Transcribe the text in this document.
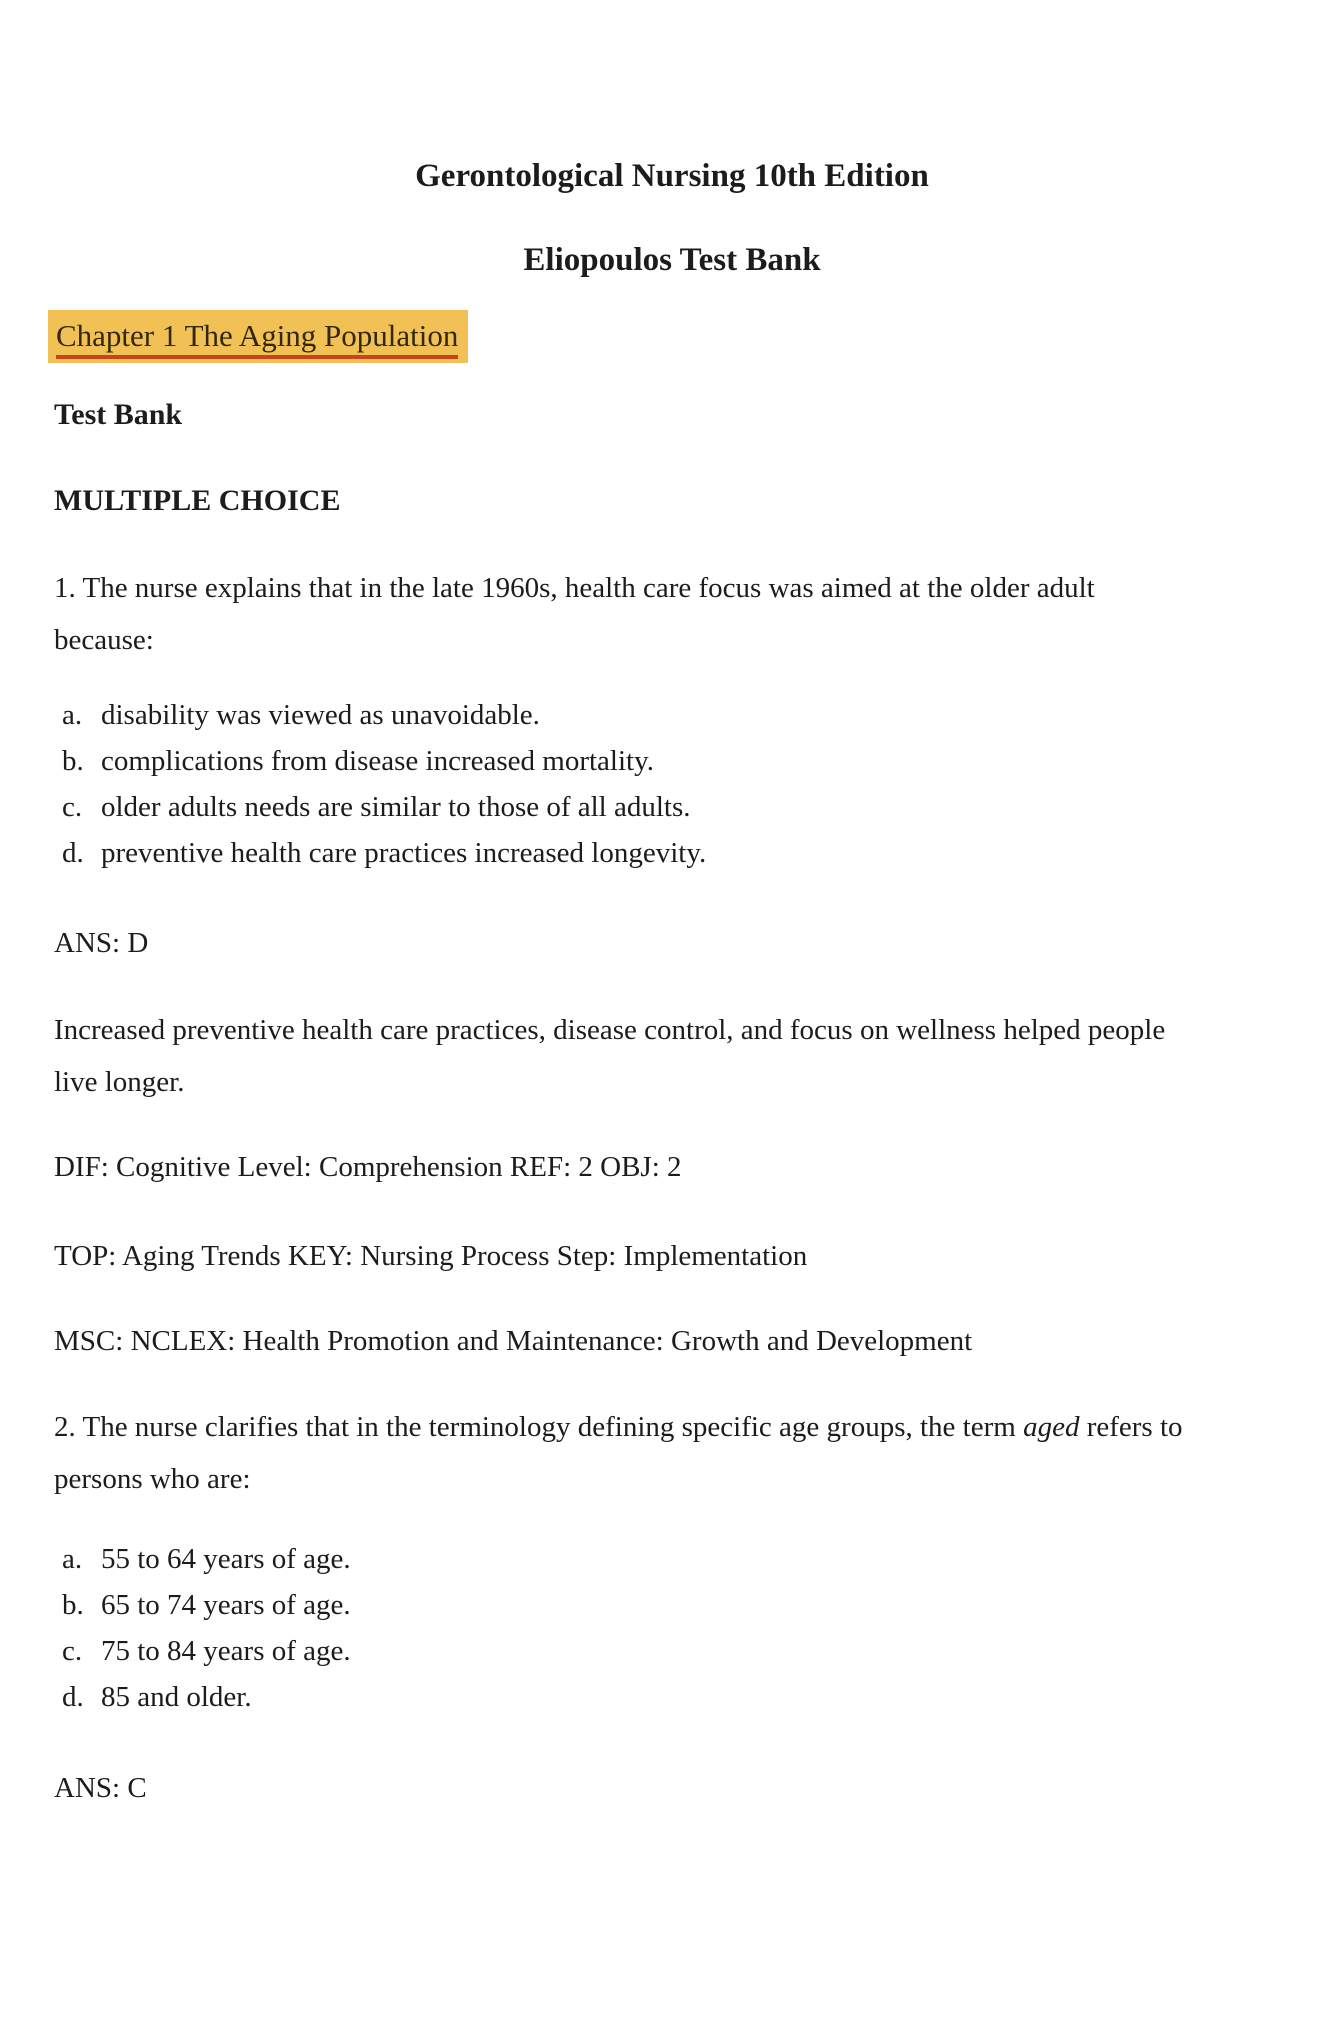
Gerontological Nursing 10th Edition
Eliopoulos Test Bank
Chapter 1 The Aging Population
Test Bank
MULTIPLE CHOICE
1. The nurse explains that in the late 1960s, health care focus was aimed at the older adult
because:
a. disability was viewed as unavoidable.
b. complications from disease increased mortality.
c. older adults needs are similar to those of all adults.
d. preventive health care practices increased longevity.
ANS: D
Increased preventive health care practices, disease control, and focus on wellness helped people
live longer.
DIF: Cognitive Level: Comprehension REF: 2 OBJ: 2
TOP: Aging Trends KEY: Nursing Process Step: Implementation
MSC: NCLEX: Health Promotion and Maintenance: Growth and Development
2. The nurse clarifies that in the terminology defining specific age groups, the term aged refers to
persons who are:
a. 55 to 64 years of age.
b. 65 to 74 years of age.
c. 75 to 84 years of age.
d. 85 and older.
ANS: C
